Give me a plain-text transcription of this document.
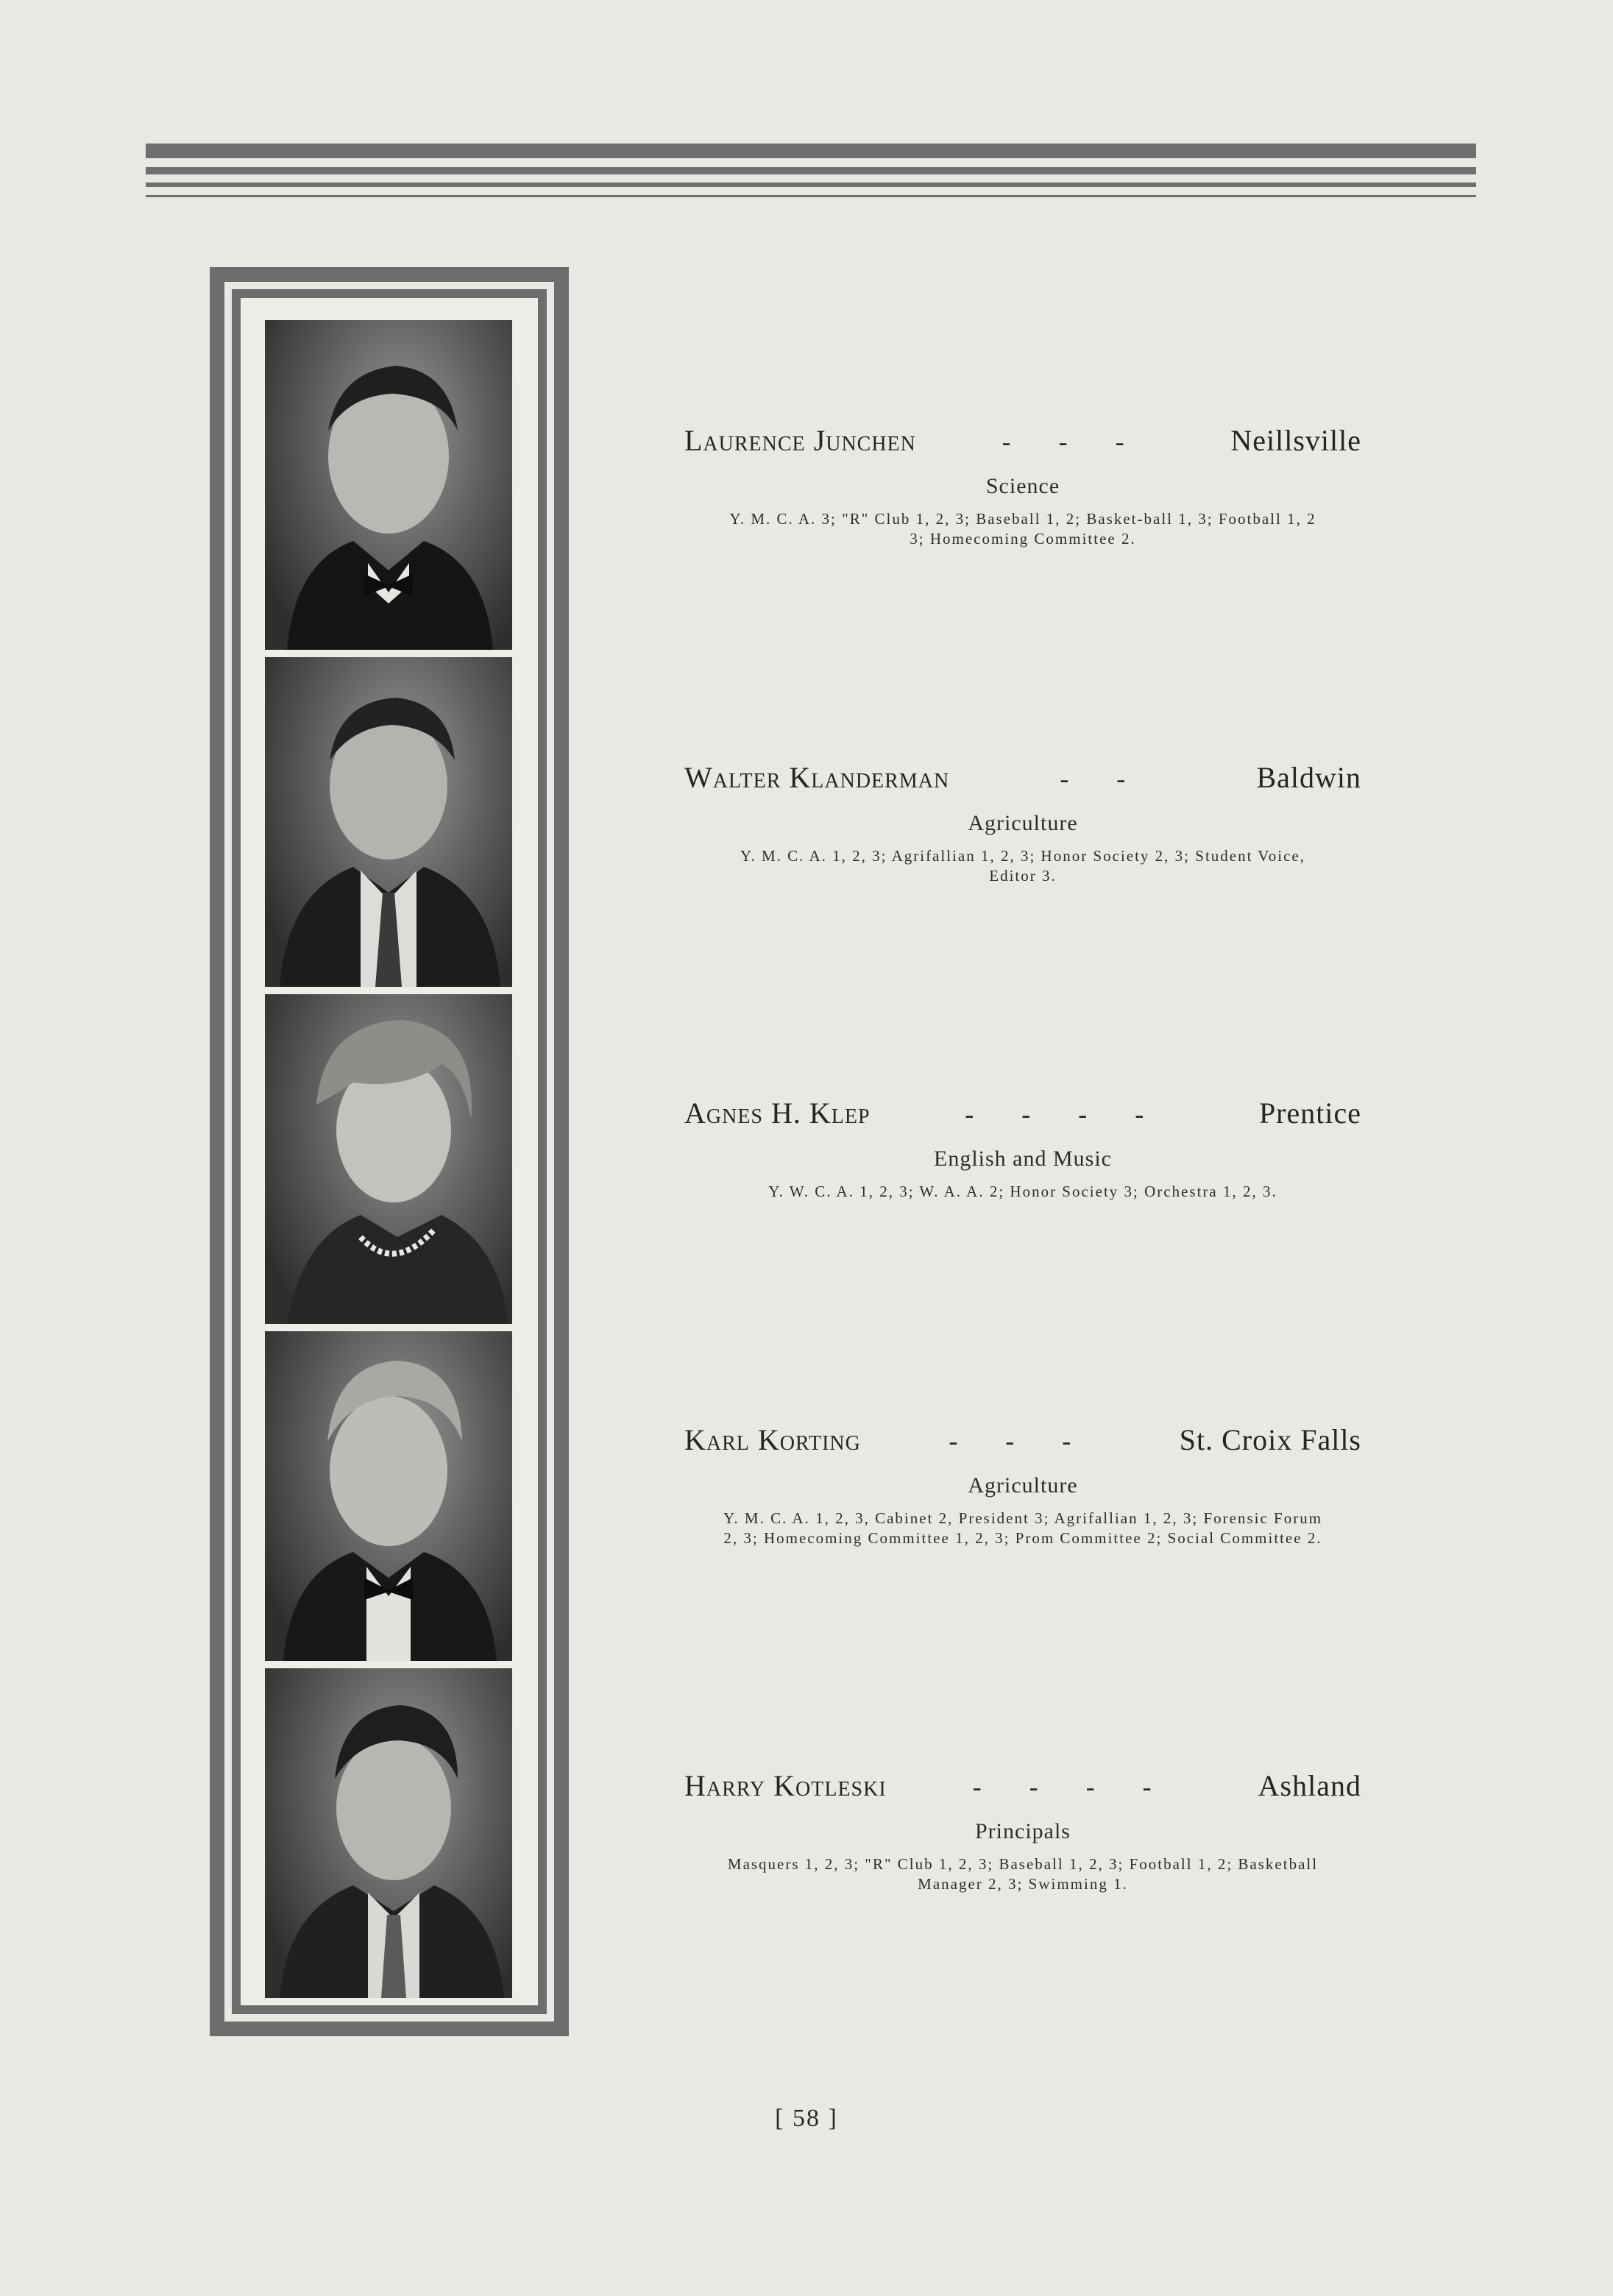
Laurence Junchen	- - -	Neillsville
Science
Y. M. C. A. 3; "R" Club 1, 2, 3; Baseball 1, 2; Basket-ball 1, 3; Football 1, 2 3; Homecoming Committee 2.
Walter Klanderman	- -	Baldwin
Agriculture
Y. M. C. A. 1, 2, 3; Agrifallian 1, 2, 3; Honor Society 2, 3; Student Voice, Editor 3.
Agnes H. Klep	- - - -	Prentice
English and Music
Y. W. C. A. 1, 2, 3; W. A. A. 2; Honor Society 3; Orchestra 1, 2, 3.
Karl Korting	- - -	St. Croix Falls
Agriculture
Y. M. C. A. 1, 2, 3, Cabinet 2, President 3; Agrifallian 1, 2, 3; Forensic Forum 2, 3; Homecoming Committee 1, 2, 3; Prom Committee 2; Social Committee 2.
Harry Kotleski	- - - -	Ashland
Principals
Masquers 1, 2, 3; "R" Club 1, 2, 3; Baseball 1, 2, 3; Football 1, 2; Basketball Manager 2, 3; Swimming 1.
[ 58 ]
